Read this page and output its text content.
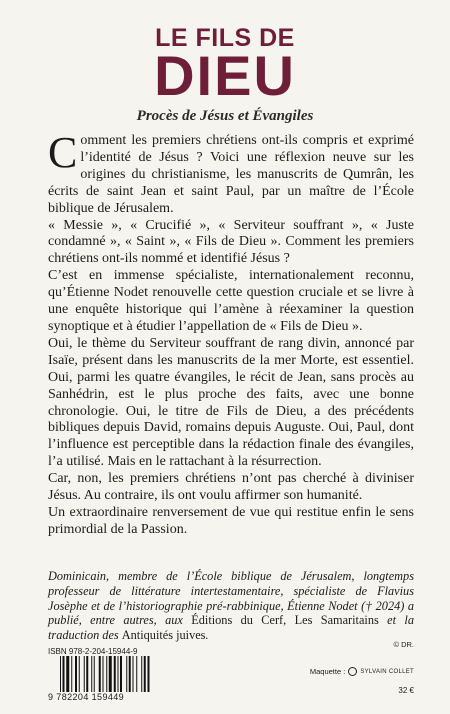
LE FILS DE
DIEU
Procès de Jésus et Évangiles

Comment les premiers chrétiens ont-ils compris et exprimé l’identité de Jésus ? Voici une réflexion neuve sur les origines du christianisme, les manuscrits de Qumrân, les écrits de saint Jean et saint Paul, par un maître de l’École biblique de Jérusalem.

« Messie », « Crucifié », « Serviteur souffrant », « Juste condamné », « Saint », « Fils de Dieu ». Comment les premiers chrétiens ont-ils nommé et identifié Jésus ?

C’est en immense spécialiste, internationalement reconnu, qu’Étienne Nodet renouvelle cette question cruciale et se livre à une enquête historique qui l’amène à réexaminer la question synoptique et à étudier l’appellation de « Fils de Dieu ».

Oui, le thème du Serviteur souffrant de rang divin, annoncé par Isaïe, présent dans les manuscrits de la mer Morte, est essentiel. Oui, parmi les quatre évangiles, le récit de Jean, sans procès au Sanhédrin, est le plus proche des faits, avec une bonne chronologie. Oui, le titre de Fils de Dieu, a des précédents bibliques depuis David, romains depuis Auguste. Oui, Paul, dont l’influence est perceptible dans la rédaction finale des évangiles, l’a utilisé. Mais en le rattachant à la résurrection.

Car, non, les premiers chrétiens n’ont pas cherché à diviniser Jésus. Au contraire, ils ont voulu affirmer son humanité.

Un extraordinaire renversement de vue qui restitue enfin le sens primordial de la Passion.

Dominicain, membre de l’École biblique de Jérusalem, longtemps professeur de littérature intertestamentaire, spécialiste de Flavius Josèphe et de l’historiographie pré-rabbinique, Étienne Nodet († 2024) a publié, entre autres, aux Éditions du Cerf, Les Samaritains et la traduction des Antiquités juives.
ISBN 978-2-204-15944-9
9 782204 159449
© DR.
Maquette :	SYLVAIN COLLET
32 €
